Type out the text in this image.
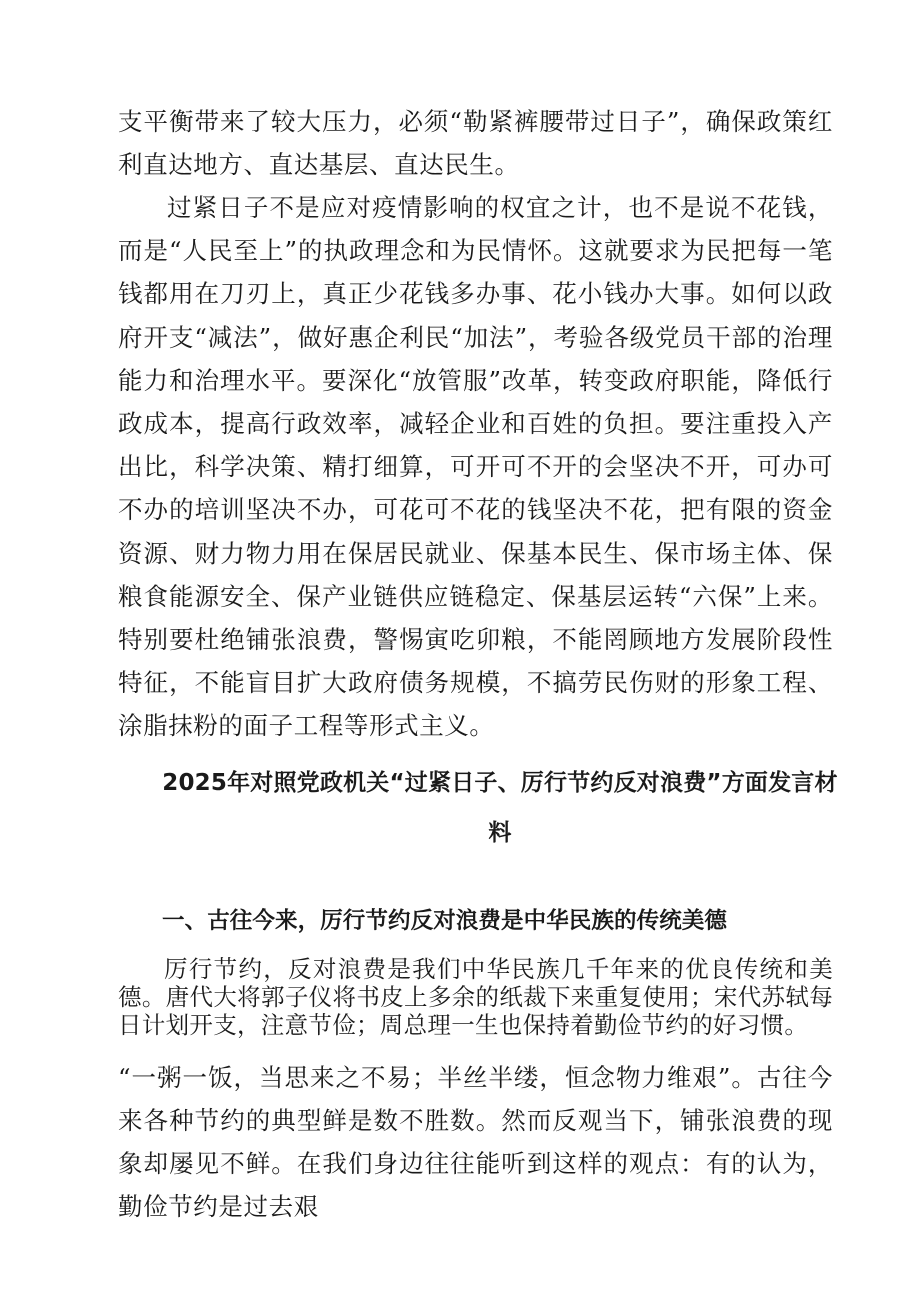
支平衡带来了较大压力，必须“勒紧裤腰带过日子”，确保政策红利直达地方、直达基层、直达民生。

过紧日子不是应对疫情影响的权宜之计，也不是说不花钱，而是“人民至上”的执政理念和为民情怀。这就要求为民把每一笔钱都用在刀刃上，真正少花钱多办事、花小钱办大事。如何以政府开支“减法”，做好惠企利民“加法”，考验各级党员干部的治理能力和治理水平。要深化“放管服”改革，转变政府职能，降低行政成本，提高行政效率，减轻企业和百姓的负担。要注重投入产出比，科学决策、精打细算，可开可不开的会坚决不开，可办可不办的培训坚决不办，可花可不花的钱坚决不花，把有限的资金资源、财力物力用在保居民就业、保基本民生、保市场主体、保粮食能源安全、保产业链供应链稳定、保基层运转“六保”上来。特别要杜绝铺张浪费，警惕寅吃卯粮，不能罔顾地方发展阶段性特征，不能盲目扩大政府债务规模，不搞劳民伤财的形象工程、涂脂抹粉的面子工程等形式主义。

2025年对照党政机关“过紧日子、厉行节约反对浪费”方面发言材料
一、古往今来，厉行节约反对浪费是中华民族的传统美德

厉行节约，反对浪费是我们中华民族几千年来的优良传统和美德。唐代大将郭子仪将书皮上多余的纸裁下来重复使用；宋代苏轼每日计划开支，注意节俭；周总理一生也保持着勤俭节约的好习惯。

“一粥一饭，当思来之不易；半丝半缕，恒念物力维艰”。古往今来各种节约的典型鲜是数不胜数。然而反观当下，铺张浪费的现象却屡见不鲜。在我们身边往往能听到这样的观点：有的认为，勤俭节约是过去艰
